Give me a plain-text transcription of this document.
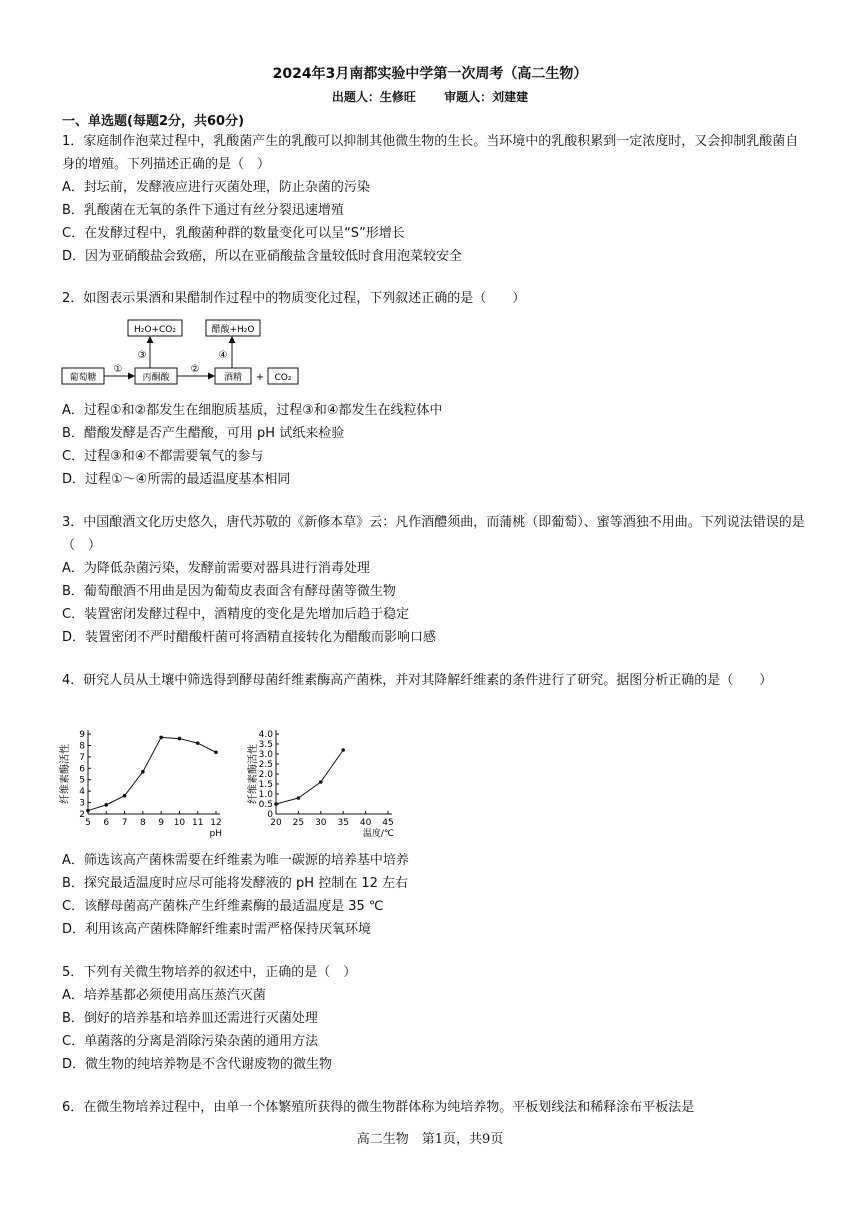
2024年3月南都实验中学第一次周考（高二生物）
出题人：生修旺 审题人：刘建建
一、单选题(每题2分，共60分)

1．家庭制作泡菜过程中，乳酸菌产生的乳酸可以抑制其他微生物的生长。当环境中的乳酸积累到一定浓度时，又会抑制乳酸菌自身的增殖。下列描述正确的是（　）

A．封坛前，发酵液应进行灭菌处理，防止杂菌的污染

B．乳酸菌在无氧的条件下通过有丝分裂迅速增殖

C．在发酵过程中，乳酸菌种群的数量变化可以呈“S”形增长

D．因为亚硝酸盐会致癌，所以在亚硝酸盐含量较低时食用泡菜较安全

2．如图表示果酒和果醋制作过程中的物质变化过程，下列叙述正确的是（　　）

H₂O+CO₂	醋酸+H₂O
葡萄糖	丙酮酸	酒精 + CO₂
①	②
③	④

A．过程①和②都发生在细胞质基质，过程③和④都发生在线粒体中

B．醋酸发酵是否产生醋酸，可用 pH 试纸来检验

C．过程③和④不都需要氧气的参与

D．过程①～④所需的最适温度基本相同

3．中国酿酒文化历史悠久，唐代苏敬的《新修本草》云：凡作酒醴须曲，而蒲桃（即葡萄）、蜜等酒独不用曲。下列说法错误的是（　）

A．为降低杂菌污染，发酵前需要对器具进行消毒处理

B．葡萄酿酒不用曲是因为葡萄皮表面含有酵母菌等微生物

C．装置密闭发酵过程中，酒精度的变化是先增加后趋于稳定

D．装置密闭不严时醋酸杆菌可将酒精直接转化为醋酸而影响口感

4．研究人员从土壤中筛选得到酵母菌纤维素酶高产菌株，并对其降解纤维素的条件进行了研究。据图分析正确的是（　　）

2
3
4
5
6
7
8
9
5 6 7 8 9 10 11 12
pH
纤维素酶活性
0
0.5
1.0
1.5
2.0
2.5
3.0
3.5
4.0
20 25 30 35 40 45
温度/℃
纤维素酶活性

A．筛选该高产菌株需要在纤维素为唯一碳源的培养基中培养

B．探究最适温度时应尽可能将发酵液的 pH 控制在 12 左右

C．该酵母菌高产菌株产生纤维素酶的最适温度是 35 ℃

D．利用该高产菌株降解纤维素时需严格保持厌氧环境

5．下列有关微生物培养的叙述中，正确的是（　）

A．培养基都必须使用高压蒸汽灭菌

B．倒好的培养基和培养皿还需进行灭菌处理

C．单菌落的分离是消除污染杂菌的通用方法

D．微生物的纯培养物是不含代谢废物的微生物

6．在微生物培养过程中，由单一个体繁殖所获得的微生物群体称为纯培养物。平板划线法和稀释涂布平板法是

高二生物　第1页，共9页
